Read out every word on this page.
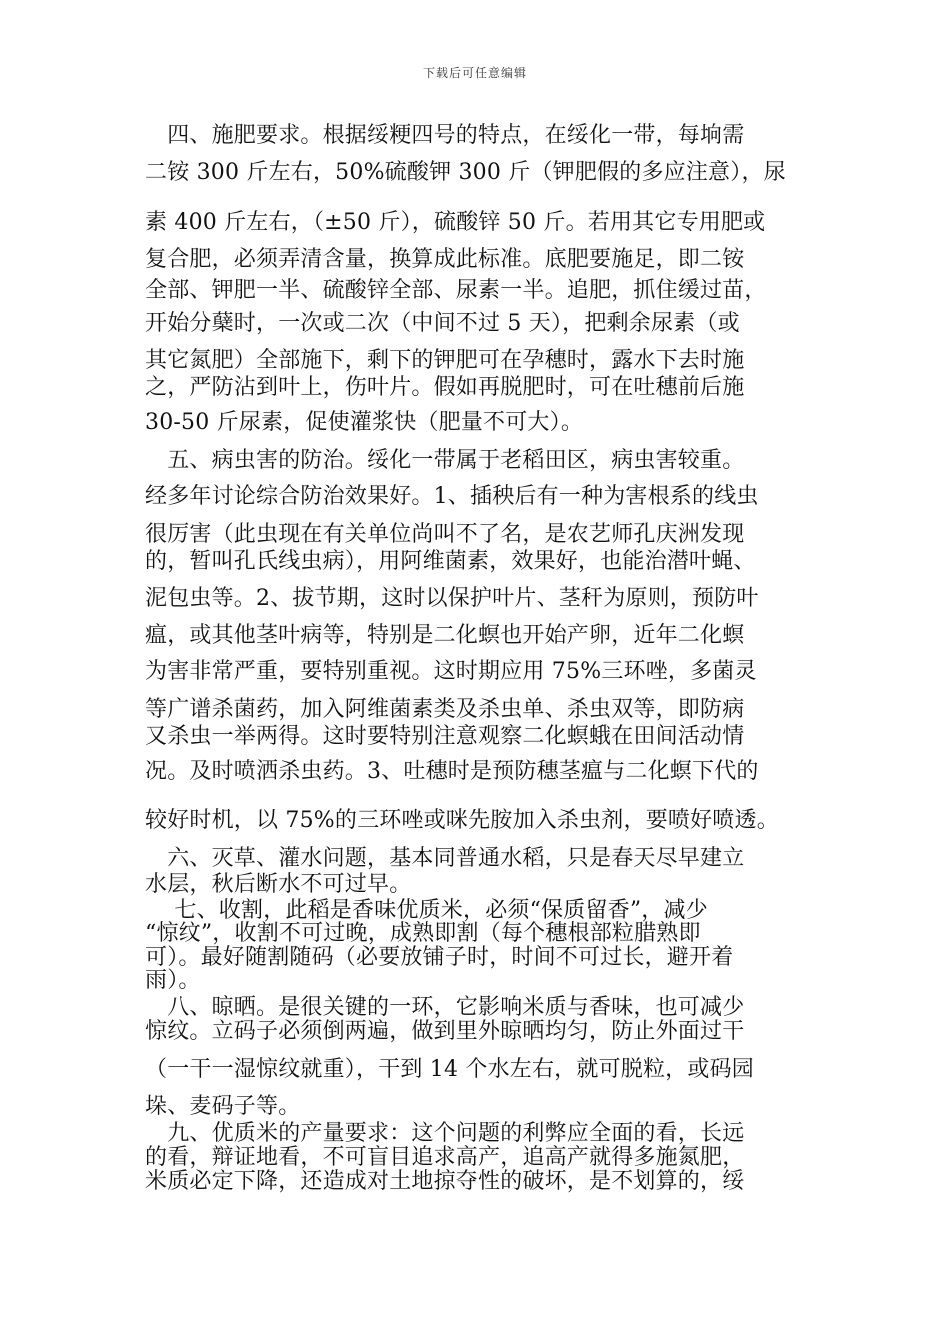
下载后可任意编辑
　四、施肥要求。根据绥粳四号的特点，在绥化一带，每垧需
二铵 300 斤左右，50%硫酸钾 300 斤（钾肥假的多应注意），尿
素 400 斤左右，（±50 斤），硫酸锌 50 斤。若用其它专用肥或
复合肥，必须弄清含量，换算成此标准。底肥要施足，即二铵
全部、钾肥一半、硫酸锌全部、尿素一半。追肥，抓住缓过苗，
开始分蘖时，一次或二次（中间不过 5 天），把剩余尿素（或
其它氮肥）全部施下，剩下的钾肥可在孕穗时，露水下去时施
之，严防沾到叶上，伤叶片。假如再脱肥时，可在吐穗前后施
30-50 斤尿素，促使灌浆快（肥量不可大）。
　五、病虫害的防治。绥化一带属于老稻田区，病虫害较重。
经多年讨论综合防治效果好。1、插秧后有一种为害根系的线虫
很厉害（此虫现在有关单位尚叫不了名，是农艺师孔庆洲发现
的，暂叫孔氏线虫病），用阿维菌素，效果好，也能治潜叶蝇、
泥包虫等。2、拔节期，这时以保护叶片、茎秆为原则，预防叶
瘟，或其他茎叶病等，特别是二化螟也开始产卵，近年二化螟
为害非常严重，要特别重视。这时期应用 75%三环唑，多菌灵
等广谱杀菌药，加入阿维菌素类及杀虫单、杀虫双等，即防病
又杀虫一举两得。这时要特别注意观察二化螟蛾在田间活动情
况。及时喷洒杀虫药。3、吐穗时是预防穗茎瘟与二化螟下代的
较好时机，以 75%的三环唑或咪先胺加入杀虫剂，要喷好喷透。
　六、灭草、灌水问题，基本同普通水稻，只是春天尽早建立
水层，秋后断水不可过早。
　 七、收割，此稻是香味优质米，必须“保质留香”，减少
“惊纹”，收割不可过晚，成熟即割（每个穗根部粒腊熟即
可）。最好随割随码（必要放铺子时，时间不可过长，避开着
雨）。
　八、晾晒。是很关键的一环，它影响米质与香味，也可减少
惊纹。立码子必须倒两遍，做到里外晾晒均匀，防止外面过干
（一干一湿惊纹就重），干到 14 个水左右，就可脱粒，或码园
垛、麦码子等。
　九、优质米的产量要求：这个问题的利弊应全面的看，长远
的看，辩证地看，不可盲目追求高产，追高产就得多施氮肥，
米质必定下降，还造成对土地掠夺性的破坏，是不划算的，绥
